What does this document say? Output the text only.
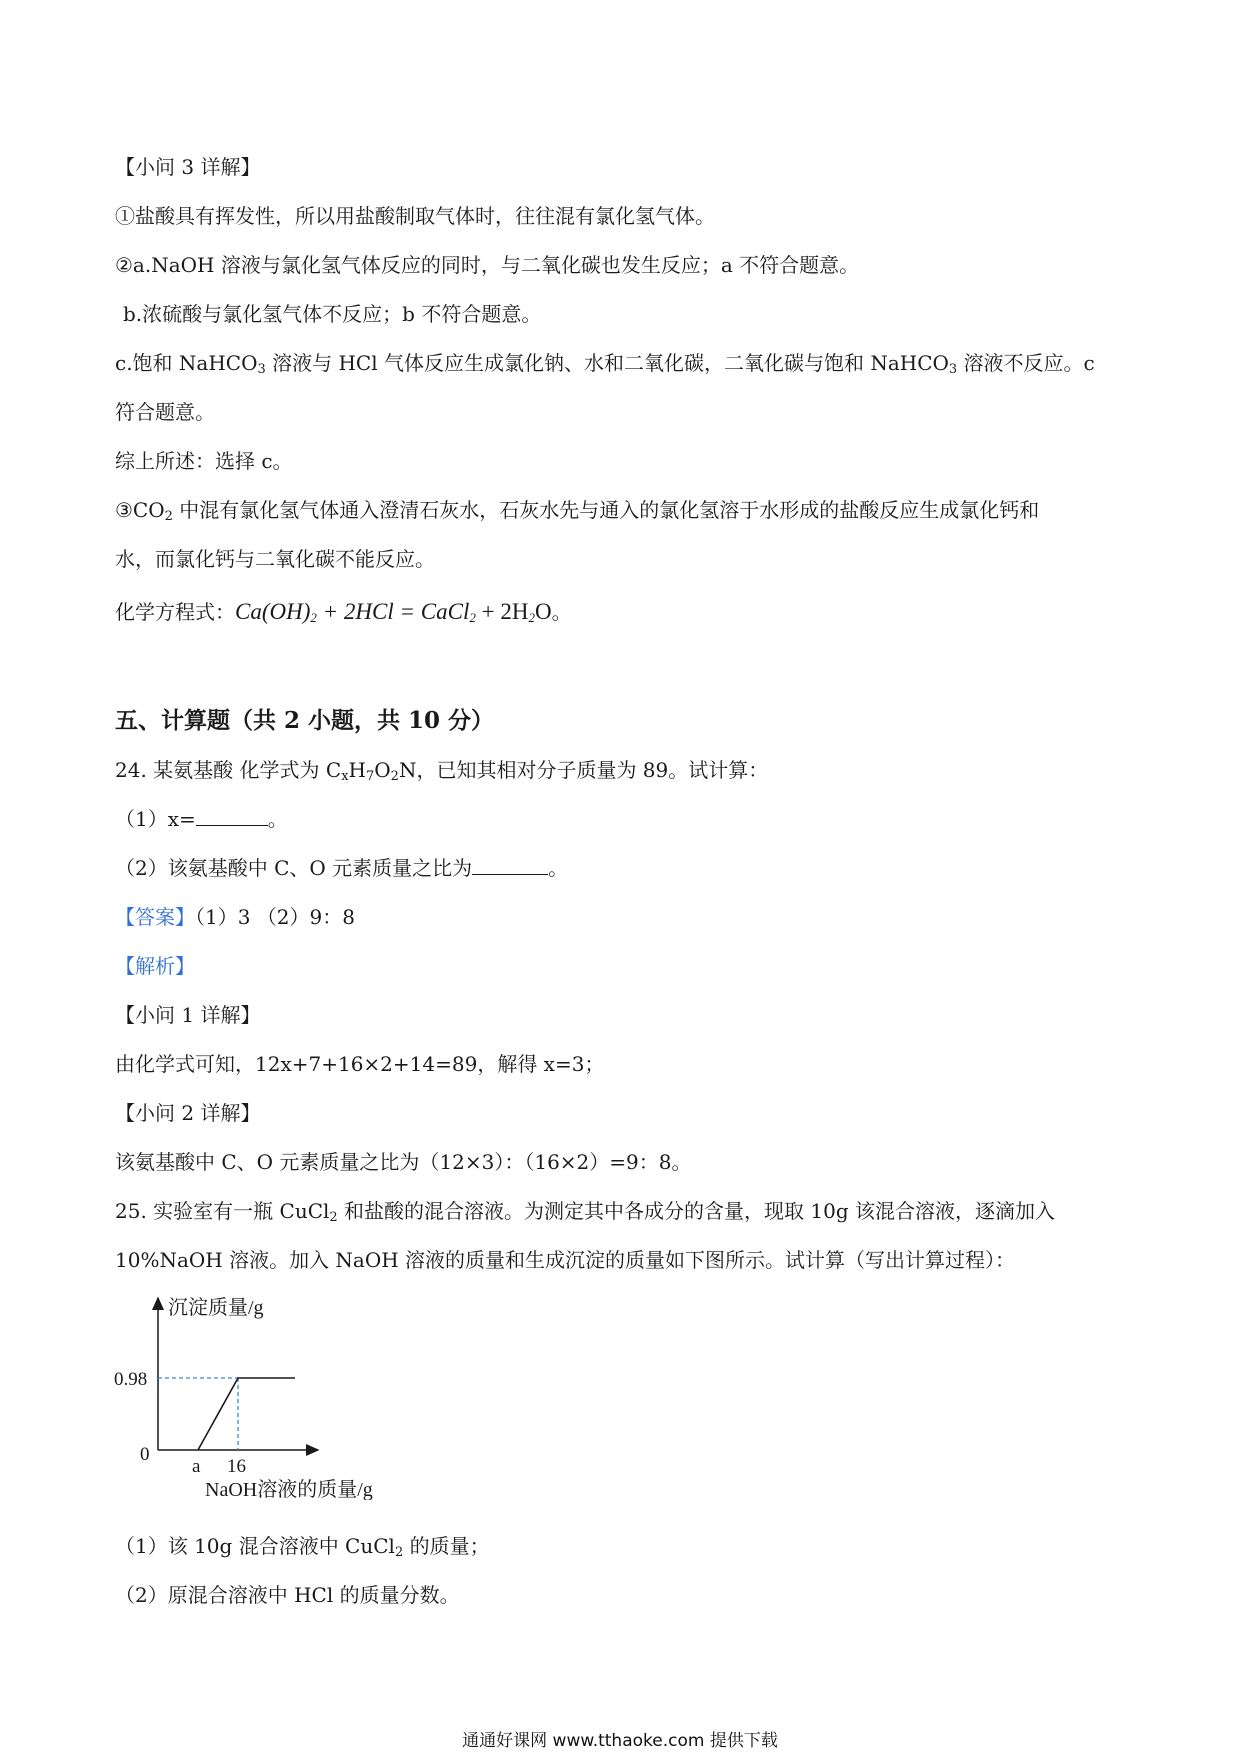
【小问 3 详解】
①盐酸具有挥发性，所以用盐酸制取气体时，往往混有氯化氢气体。
②a.NaOH 溶液与氯化氢气体反应的同时，与二氧化碳也发生反应；a 不符合题意。
b.浓硫酸与氯化氢气体不反应；b 不符合题意。
c.饱和 NaHCO$_3$ 溶液与 HCl 气体反应生成氯化钠、水和二氧化碳，二氧化碳与饱和 NaHCO$_3$ 溶液不反应。c
符合题意。
综上所述：选择 c。
$③CO_2$ 中混有氯化氢气体通入澄清石灰水，石灰水先与通入的氯化氢溶于水形成的盐酸反应生成氯化钙和
水，而氯化钙与二氧化碳不能反应。
化学方程式：$Ca(OH)_2 + 2HCl$ = CaCl$_2$ + $2H_2O$。
五、计算题（共 2 小题，共 10 分）
24. 某氨基酸 化学式为 $C_xH_7O_2N$，已知其相对分子质量为 89。试计算：
（1）x=	。
（2）该氨基酸中 C、O 元素质量之比为	。
【答案】（1）3 （2）9：8
【解析】
【小问 1 详解】
由化学式可知，12x+7+16×2+14=89，解得 x=3；
【小问 2 详解】
该氨基酸中 C、O 元素质量之比为（12×3）：（16×2）=9：8。
25. 实验室有一瓶 CuCl$_2$ 和盐酸的混合溶液。为测定其中各成分的含量，现取 10g 该混合溶液，逐滴加入
10%NaOH 溶液。加入 NaOH 溶液的质量和生成沉淀的质量如下图所示。试计算（写出计算过程）：
沉淀质量/g
0.98
0
a 16
NaOH溶液的质量/g
（1）该 10g 混合溶液中 CuCl$_2$ 的质量；
（2）原混合溶液中 HCl 的质量分数。
通通好课网 www.tthaoke.com 提供下载
